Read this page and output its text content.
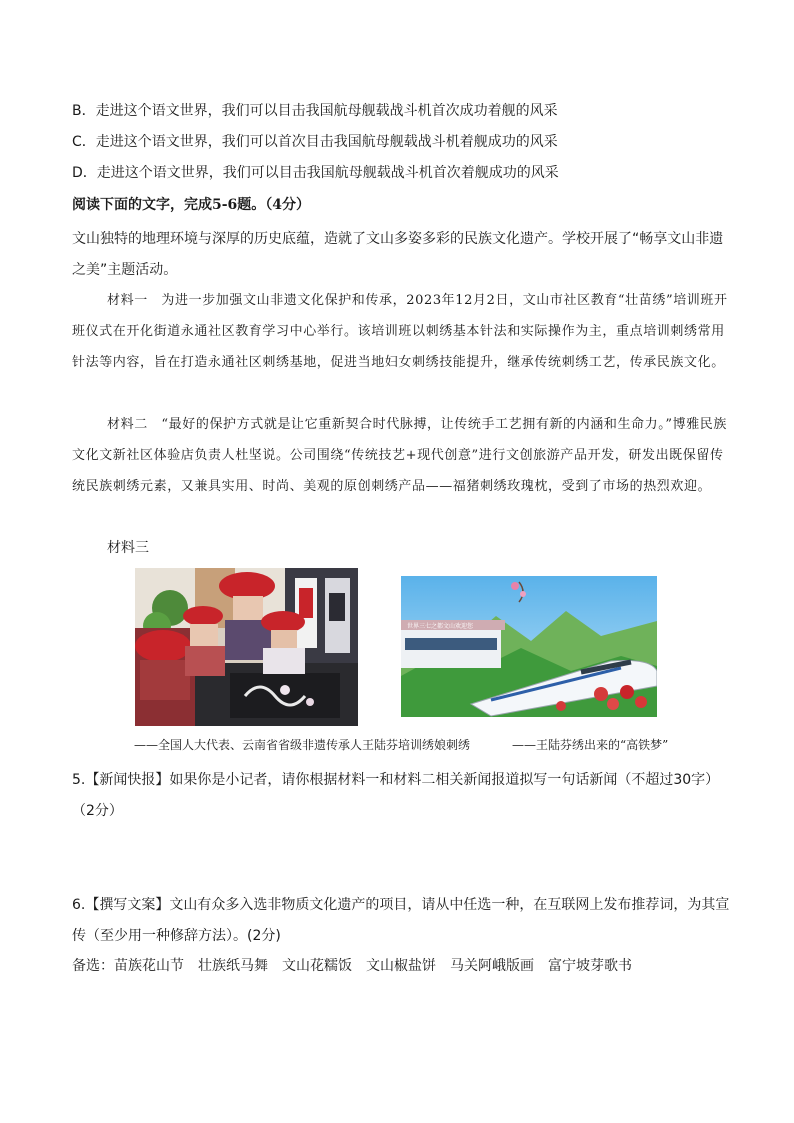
B．走进这个语文世界，我们可以目击我国航母舰载战斗机首次成功着舰的风采
C．走进这个语文世界，我们可以首次目击我国航母舰载战斗机着舰成功的风采
D．走进这个语文世界，我们可以目击我国航母舰载战斗机首次着舰成功的风采
阅读下面的文字，完成5-6题。（4分）

文山独特的地理环境与深厚的历史底蕴，造就了文山多姿多彩的民族文化遗产。学校开展了“畅享文山非遗之美”主题活动。

材料一　为进一步加强文山非遗文化保护和传承，2023年12月2日，文山市社区教育“壮苗绣”培训班开班仪式在开化街道永通社区教育学习中心举行。该培训班以刺绣基本针法和实际操作为主，重点培训刺绣常用针法等内容，旨在打造永通社区刺绣基地，促进当地妇女刺绣技能提升，继承传统刺绣工艺，传承民族文化。

材料二　“最好的保护方式就是让它重新契合时代脉搏，让传统手工艺拥有新的内涵和生命力。”博雅民族文化文新社区体验店负责人杜坚说。公司围绕“传统技艺+现代创意”进行文创旅游产品开发，研发出既保留传统民族刺绣元素，又兼具实用、时尚、美观的原创刺绣产品——福猪刺绣玫瑰枕，受到了市场的热烈欢迎。

材料三
世界三七之都文山欢迎您
——全国人大代表、云南省省级非遗传承人王陆芬培训绣娘刺绣	——王陆芬绣出来的“高铁梦”

5.【新闻快报】如果你是小记者，请你根据材料一和材料二相关新闻报道拟写一句话新闻（不超过30字）（2分）

6.【撰写文案】文山有众多入选非物质文化遗产的项目，请从中任选一种，在互联网上发布推荐词，为其宣传（至少用一种修辞方法）。(2分)

备选：苗族花山节　壮族纸马舞　文山花糯饭　文山椒盐饼　马关阿峨版画　富宁坡芽歌书
